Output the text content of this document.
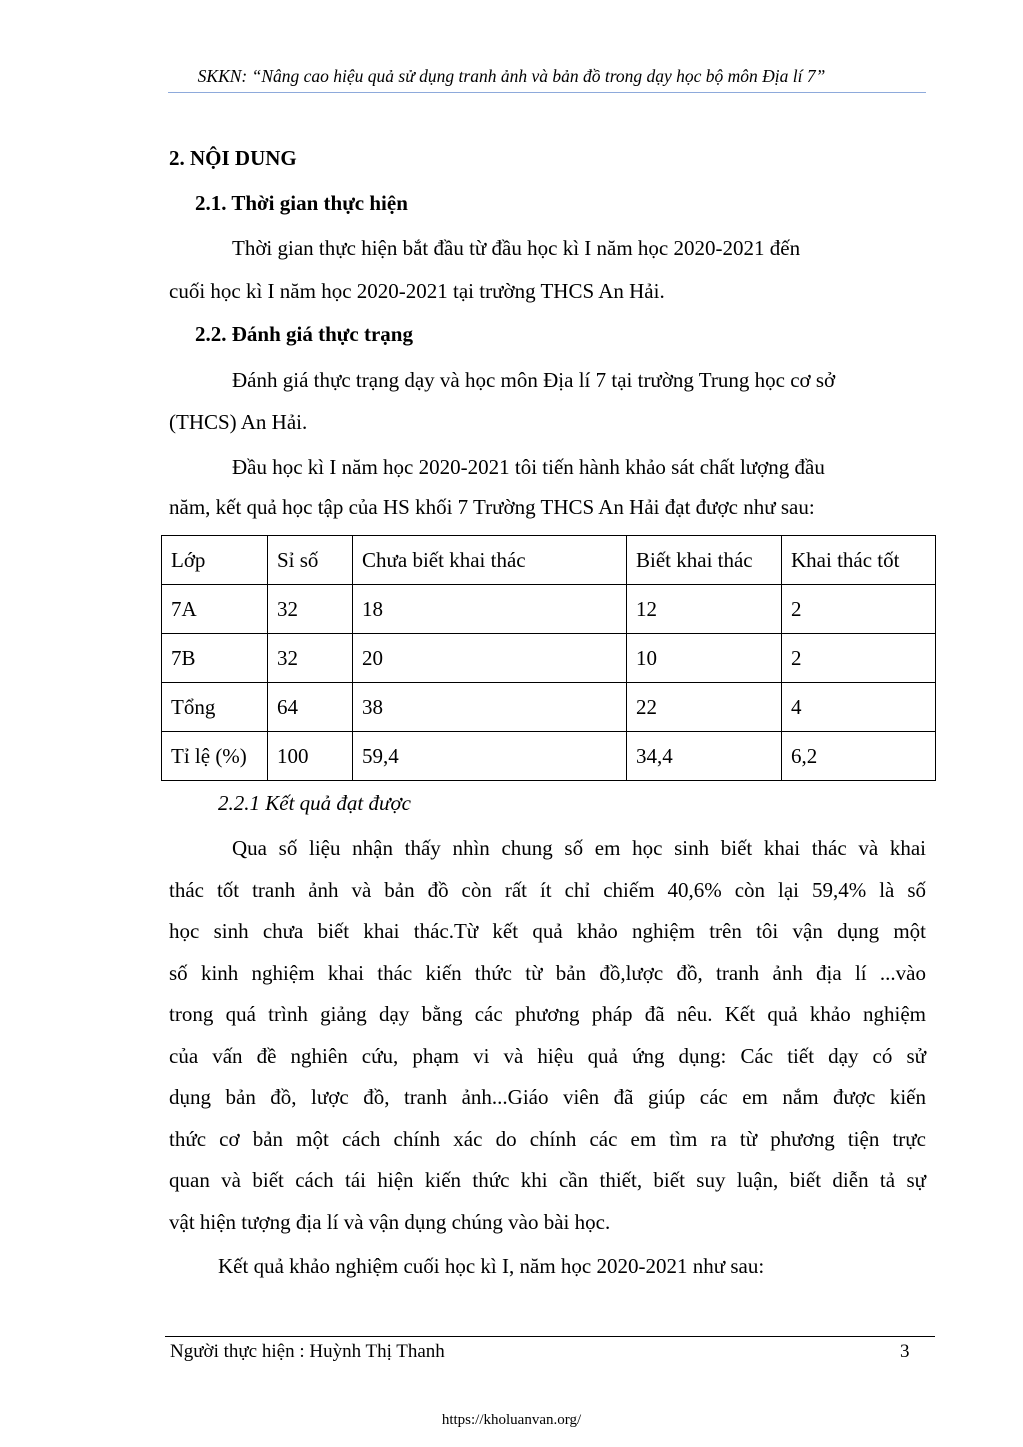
SKKN: “Nâng cao hiệu quả sử dụng tranh ảnh và bản đồ trong dạy học bộ môn Địa lí 7”
2. NỘI DUNG
2.1. Thời gian thực hiện
Thời gian thực hiện bắt đầu từ đầu học kì I năm học 2020-2021 đến
cuối học kì I năm học 2020-2021 tại trường THCS An Hải.
2.2. Đánh giá thực trạng
Đánh giá thực trạng dạy và học môn Địa lí 7 tại trường Trung học cơ sở
(THCS) An Hải.
Đầu học kì I năm học 2020-2021 tôi tiến hành khảo sát chất lượng đầu
năm, kết quả học tập của HS khối 7 Trường THCS An Hải đạt được như sau:
Lớp	Sỉ số	Chưa biết khai thác	Biết khai thác	Khai thác tốt
7A	32	18	12	2
7B	32	20	10	2
Tổng	64	38	22	4
Tỉ lệ (%)	100	59,4	34,4	6,2
2.2.1 Kết quả đạt được
Qua số liệu nhận thấy nhìn chung số em học sinh biết khai thác và khai
thác tốt tranh ảnh và bản đồ còn rất ít chỉ chiếm 40,6% còn lại 59,4% là số
học sinh chưa biết khai thác.Từ kết quả khảo nghiệm trên tôi vận dụng một
số kinh nghiệm khai thác kiến thức từ bản đồ,lược đồ, tranh ảnh địa lí ...vào
trong quá trình giảng dạy bằng các phương pháp đã nêu. Kết quả khảo nghiệm
của vấn đề nghiên cứu, phạm vi và hiệu quả ứng dụng: Các tiết dạy có sử
dụng bản đồ, lược đồ, tranh ảnh...Giáo viên đã giúp các em nắm được kiến
thức cơ bản một cách chính xác do chính các em tìm ra từ phương tiện trực
quan và biết cách tái hiện kiến thức khi cần thiết, biết suy luận, biết diễn tả sự
vật hiện tượng địa lí và vận dụng chúng vào bài học.
Kết quả khảo nghiệm cuối học kì I, năm học 2020-2021 như sau:
Người thực hiện : Huỳnh Thị Thanh	3
https://kholuanvan.org/
